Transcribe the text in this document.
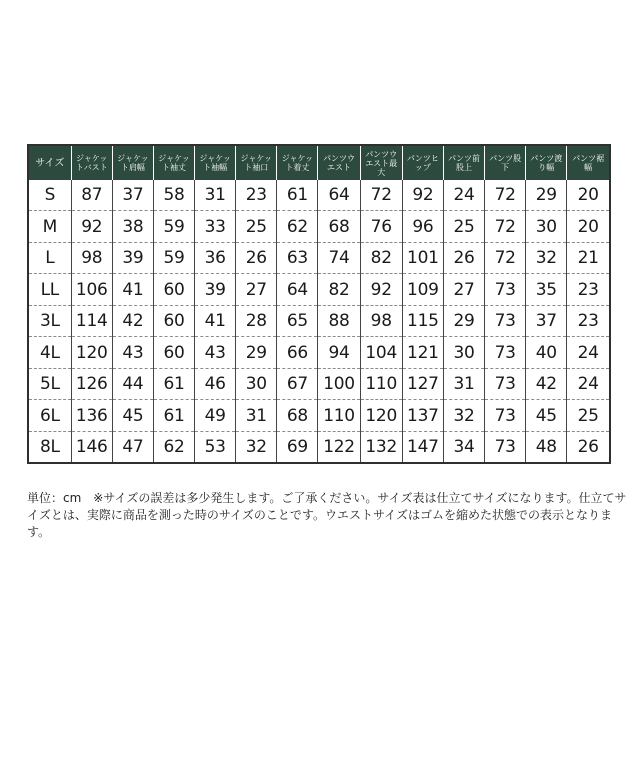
サイズ	ジャケットバスト	ジャケット肩幅	ジャケット袖丈	ジャケット袖幅	ジャケット袖口	ジャケット着丈	パンツウエスト	パンツウエスト最大	パンツヒップ	パンツ前股上	パンツ股下	パンツ渡り幅	パンツ裾幅
S	87	37	58	31	23	61	64	72	92	24	72	29	20
M	92	38	59	33	25	62	68	76	96	25	72	30	20
L	98	39	59	36	26	63	74	82	101	26	72	32	21
LL	106	41	60	39	27	64	82	92	109	27	73	35	23
3L	114	42	60	41	28	65	88	98	115	29	73	37	23
4L	120	43	60	43	29	66	94	104	121	30	73	40	24
5L	126	44	61	46	30	67	100	110	127	31	73	42	24
6L	136	45	61	49	31	68	110	120	137	32	73	45	25
8L	146	47	62	53	32	69	122	132	147	34	73	48	26

単位：cm　※サイズの誤差は多少発生します。ご了承ください。サイズ表は仕立てサイズになります。仕立てサイズとは、実際に商品を測った時のサイズのことです。ウエストサイズはゴムを縮めた状態での表示となります。
